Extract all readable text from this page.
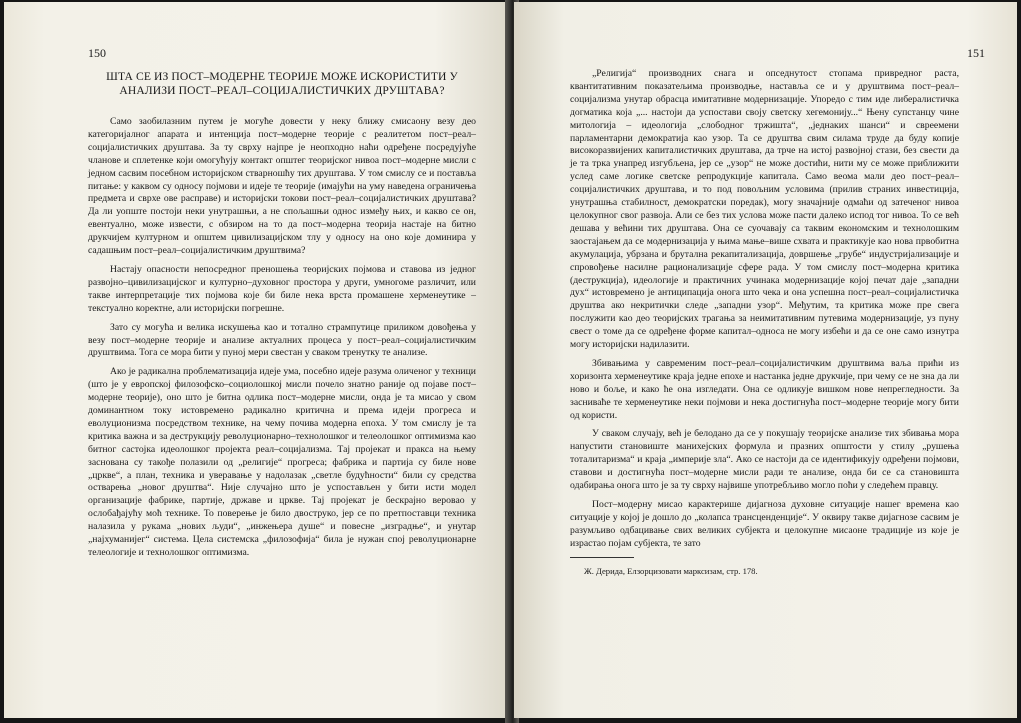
150
ШТА СЕ ИЗ ПОСТ–МОДЕРНЕ ТЕОРИЈЕ МОЖЕ ИСКОРИСТИТИ У
АНАЛИЗИ ПОСТ–РЕАЛ–СОЦИЈАЛИСТИЧКИХ ДРУШТАВА?

Само заобилазним путем је могуће довести у неку ближу смисаону везу део категоријалног апарата и интенција пост–модерне теорије с реалитетом пост–реал–социјалистичких друштава. За ту сврху најпре је неопходно наћи одређене посредујуће чланове и сплетенке који омогућују контакт општег теоријског нивоа пост–модерне мисли с једном сасвим посебном историјском стварношћу тих друштава. У том смислу се и поставља питање: у каквом су односу појмови и идеје те теорије (имајући на уму наведена ограничења предмета и сврхе ове расправе) и историјски токови пост–реал–социјалистичких друштава? Да ли уопште постоји неки унутрашњи, а не спољашњи однос између њих, и какво се он, евентуално, може извести, с обзиром на то да пост–модерна теорија настаје на битно друкчијем културном и општем цивилизацијском тлу у односу на оно које доминира у садашњим пост–реал–социјалистичким друштвима?

Настају опасности непосредног преношења теоријских појмова и ставова из једног развојно–цивилизацијског и културно–духовног простора у други, умногоме различит, или такве интерпретације тих појмова које би биле нека врста промашене херменеутике – текстуално коректне, али историјски погрешне.

Зато су могућа и велика искушења као и тотално стрампутице приликом довођења у везу пост–модерне теорије и анализе актуалних процеса у пост–реал–социјалистичким друштвима. Тога се мора бити у пуној мери свестан у сваком тренутку те анализе.

Ако је радикална проблематизација идеје ума, посебно идеје разума оличеног у техници (што је у европској филозофско–социолошкој мисли почело знатно раније од појаве пост–модерне теорије), оно што је битна одлика пост–модерне мисли, онда је та мисао у свом доминантном току истовремено радикално критична и према идеји прогреса и еволуционизма посредством технике, на чему почива модерна епоха. У том смислу је та критика важна и за деструкцију револуционарно–технолошког и телеолошког оптимизма као битног састојка идеолошког пројекта реал–социјализма. Тај пројекат и пракса на њему заснована су такође полазили од „религије“ прогреса; фабрика и партија су биле нове „цркве“, а план, техника и уверавање у надолазак „светле будућности“ били су средства остварења „новог друштва“. Није случајно што је успостављен у бити исти модел организације фабрике, партије, државе и цркве. Тај пројекат је бескрајно веровао у ослобађајућу моћ технике. То поверење је било двоструко, јер се по претпоставци техника налазила у рукама „нових људи“, „инжењера душе“ и повесне „изградње“, и унутар „најхуманијег“ система. Цела системска „филозофија“ била је нужан спој револуционарне телеологије и технолошког оптимизма.

151

„Религија“ производних снага и опседнутост стопама привредног раста, квантитативним показатељима производње, наставља се и у друштвима пост–реал–социјализма унутар обрасца имитативне модернизације. Упоредо с тим иде либералистичка догматика која „... настоји да успостави своју светску хегемонију...“ Њену супстанцу чине митологија – идеологија „слободног тржишта“, „једнаких шанси“ и свреемени парламентарни демократија као узор. Та се друштва свим силама труде да буду копије високоразвијених капиталистичких друштава, да трче на истој развојној стази, без свести да је та трка унапред изгубљена, јер се „узор“ не може достићи, нити му се може приближити услед саме логике светске репродукције капитала. Само веома мали део пост–реал–социјалистичких друштава, и то под повољним условима (прилив страних инвестиција, унутрашња стабилност, демократски поредак), могу значајније одмаћи од затеченог нивоа целокупног свог развоја. Али се без тих услова може пасти далеко испод тог нивоа. То се већ дешава у већини тих друштава. Она се суочавају са таквим економским и технолошким заостајањем да се модернизација у њима мање–више схвата и практикује као нова првобитна акумулација, убрзана и брутална рекапитализација, довршење „грубе“ индустријализације и спровођење насилне рационализације сфере рада. У том смислу пост–модерна критика (деструкција), идеологије и практичних учинака модернизације којој печат даје „западни дух“ истовремено је антиципација онога што чека и она успешна пост–реал–социјалистичка друштва ако некритички следе „западни узор“. Међутим, та критика може пре свега послужити као део теоријских трагања за неимитативним путевима модернизације, уз пуну свест о томе да се одређене форме капитал–односа не могу избећи и да се оне само изнутра могу историјски надилазити.

Збивањима у савременим пост–реал–социјалистичким друштвима ваља прићи из хоризонта херменеутике краја једне епохе и настанка једне друкчије, при чему се не зна да ли ново и боље, и како ће она изгледати. Она се одликује вишком нове непрегледности. За засниваће те херменеутике неки појмови и нека достигнућа пост–модерне теорије могу бити од користи.

У сваком случају, већ је белодано да се у покушају теоријске анализе тих збивања мора напустити становиште манихејских формула и празних општости у стилу „рушења тоталитаризма“ и краја „империје зла“. Ако се настоји да се идентификују одређени појмови, ставови и достигнућа пост–модерне мисли ради те анализе, онда би се са становишта одабирања онога што је за ту сврху највише употребљиво могло поћи у следећем правцу.

Пост–модерну мисао карактерише дијагноза духовне ситуације нашег времена као ситуације у којој је дошло до „колапса трансценденције“. У оквиру такве дијагнозе сасвим је разумљиво одбацивање свих великих субјекта и целокупне мисаоне традиције из које је израстао појам субјекта, те зато

Ж. Дерида, Елзорцизовати марксизам, стр. 178.
